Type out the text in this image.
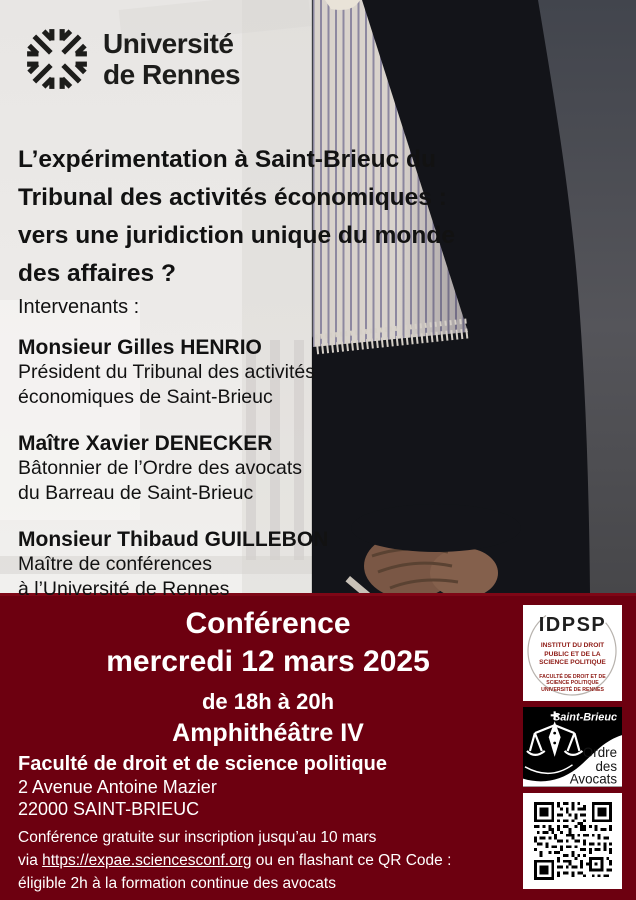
Université
de Rennes
L’expérimentation à Saint-Brieuc du
Tribunal des activités économiques :
vers une juridiction unique du monde
des affaires ?
Intervenants :
Monsieur Gilles HENRIO
Président du Tribunal des activités
économiques de Saint-Brieuc
Maître Xavier DENECKER
Bâtonnier de l’Ordre des avocats
du Barreau de Saint-Brieuc
Monsieur Thibaud GUILLEBON
Maître de conférences
à l’Université de Rennes
Conférence
mercredi 12 mars 2025
de 18h à 20h
Amphithéâtre IV
Faculté de droit et de science politique
2 Avenue Antoine Mazier
22000 SAINT-BRIEUC
Conférence gratuite sur inscription jusqu’au 10 mars
via https://expae.sciencesconf.org ou en flashant ce QR Code :
éligible 2h à la formation continue des avocats
IDPSP
INSTITUT DU DROIT
PUBLIC ET DE LA
SCIENCE POLITIQUE
FACULTÉ DE DROIT ET DE
SCIENCE POLITIQUE
UNIVERSITÉ DE RENNES
Saint-Brieuc
Ordre
des
Avocats
